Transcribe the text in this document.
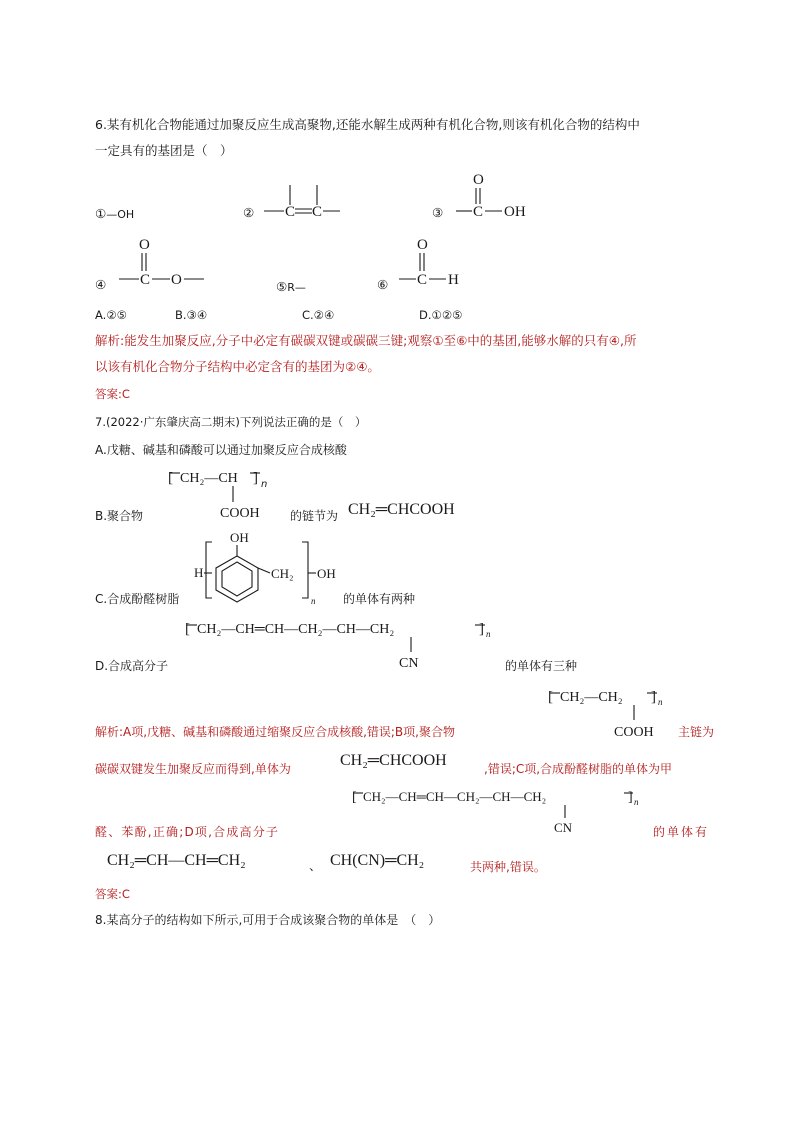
6.某有机化合物能通过加聚反应生成高聚物,还能水解生成两种有机化合物,则该有机化合物的结构中
一定具有的基团是（　）
①—OH	② C C	③
O
C OH
④
O
C O	⑤R—	⑥
O
C H
A.②⑤	B.③④	C.②④	D.①②⑤
解析:能发生加聚反应,分子中必定有碳碳双键或碳碳三键;观察①至⑥中的基团,能够水解的只有④,所
以该有机化合物分子结构中必定含有的基团为②④。
答案:C
7.(2022·广东肇庆高二期末)下列说法正确的是（　）
A.戊糖、碱基和磷酸可以通过加聚反应合成核酸
[ CH₂—CH ] n
COOH
B.聚合物	的链节为 CH₂═CHCOOH
OH
H	CH₂ OH
n
C.合成酚醛树脂	的单体有两种
[ CH₂—CH═CH—CH₂—CH—CH₂	] n
CN
D.合成高分子	的单体有三种
[ CH₂—CH₂ ] n
COOH
解析:A项,戊糖、碱基和磷酸通过缩聚反应合成核酸,错误;B项,聚合物	主链为
碳碳双键发生加聚反应而得到,单体为	CH₂═CHCOOH	,错误;C项,合成酚醛树脂的单体为甲
[ CH₂—CH═CH—CH₂—CH—CH₂	] n
CN
醛、苯酚,正确;D项,合成高分子	的单体有
CH₂═CH—CH═CH₂	、 CH(CN)═CH₂	共两种,错误。
答案:C
8.某高分子的结构如下所示,可用于合成该聚合物的单体是　（　）
